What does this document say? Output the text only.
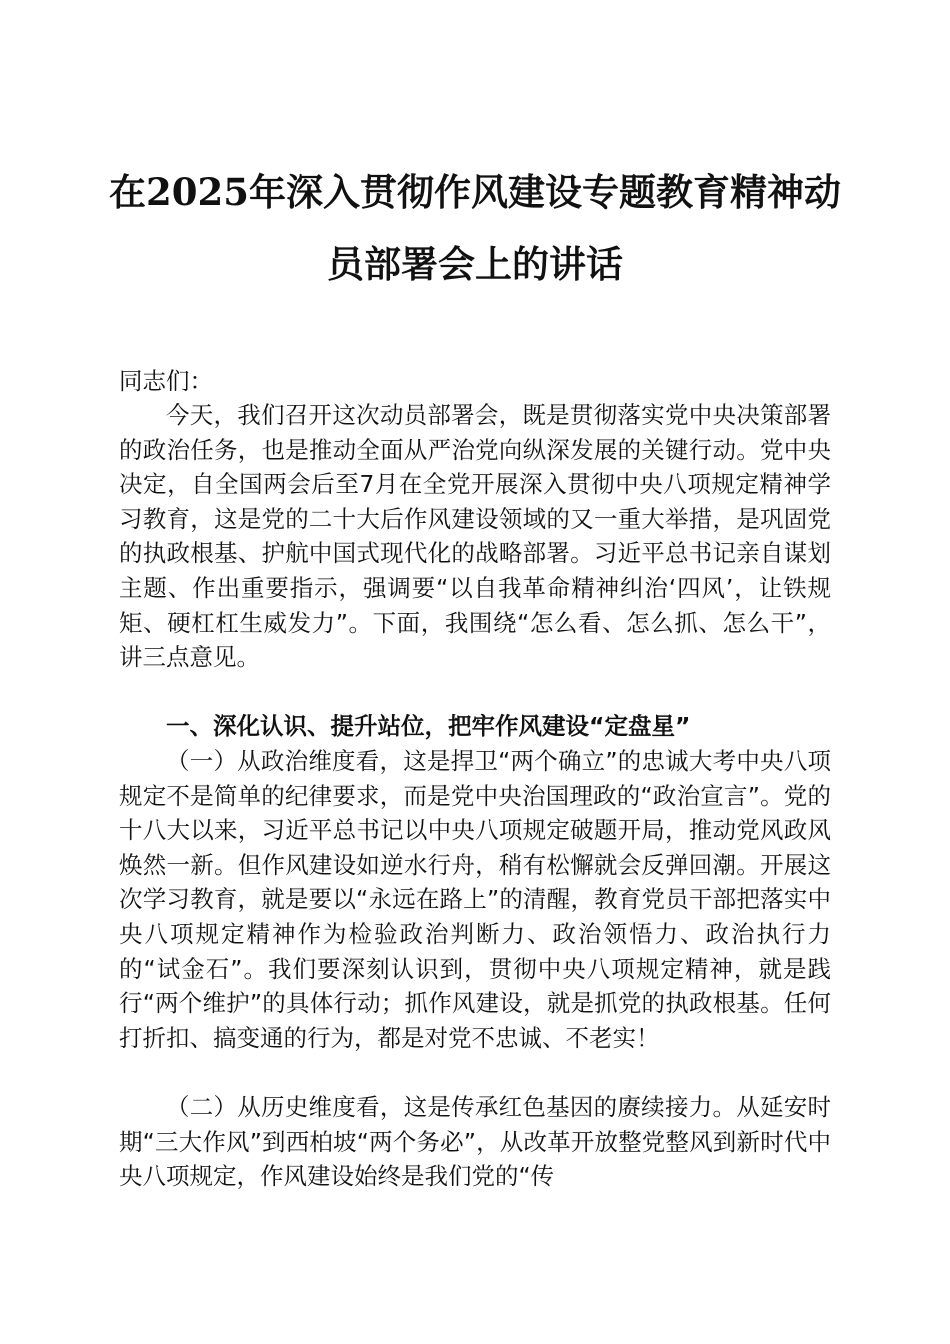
在2025年深入贯彻作风建设专题教育精神动
员部署会上的讲话

同志们：

今天，我们召开这次动员部署会，既是贯彻落实党中央决策部署的政治任务，也是推动全面从严治党向纵深发展的关键行动。党中央决定，自全国两会后至7月在全党开展深入贯彻中央八项规定精神学习教育，这是党的二十大后作风建设领域的又一重大举措，是巩固党的执政根基、护航中国式现代化的战略部署。习近平总书记亲自谋划主题、作出重要指示，强调要“以自我革命精神纠治‘四风’，让铁规矩、硬杠杠生威发力”。下面，我围绕“怎么看、怎么抓、怎么干”，讲三点意见。

一、深化认识、提升站位，把牢作风建设“定盘星”

（一）从政治维度看，这是捍卫“两个确立”的忠诚大考中央八项规定不是简单的纪律要求，而是党中央治国理政的“政治宣言”。党的十八大以来，习近平总书记以中央八项规定破题开局，推动党风政风焕然一新。但作风建设如逆水行舟，稍有松懈就会反弹回潮。开展这次学习教育，就是要以“永远在路上”的清醒，教育党员干部把落实中央八项规定精神作为检验政治判断力、政治领悟力、政治执行力的“试金石”。我们要深刻认识到，贯彻中央八项规定精神，就是践行“两个维护”的具体行动；抓作风建设，就是抓党的执政根基。任何打折扣、搞变通的行为，都是对党不忠诚、不老实！

（二）从历史维度看，这是传承红色基因的赓续接力。从延安时期“三大作风”到西柏坡“两个务必”，从改革开放整党整风到新时代中央八项规定，作风建设始终是我们党的“传
